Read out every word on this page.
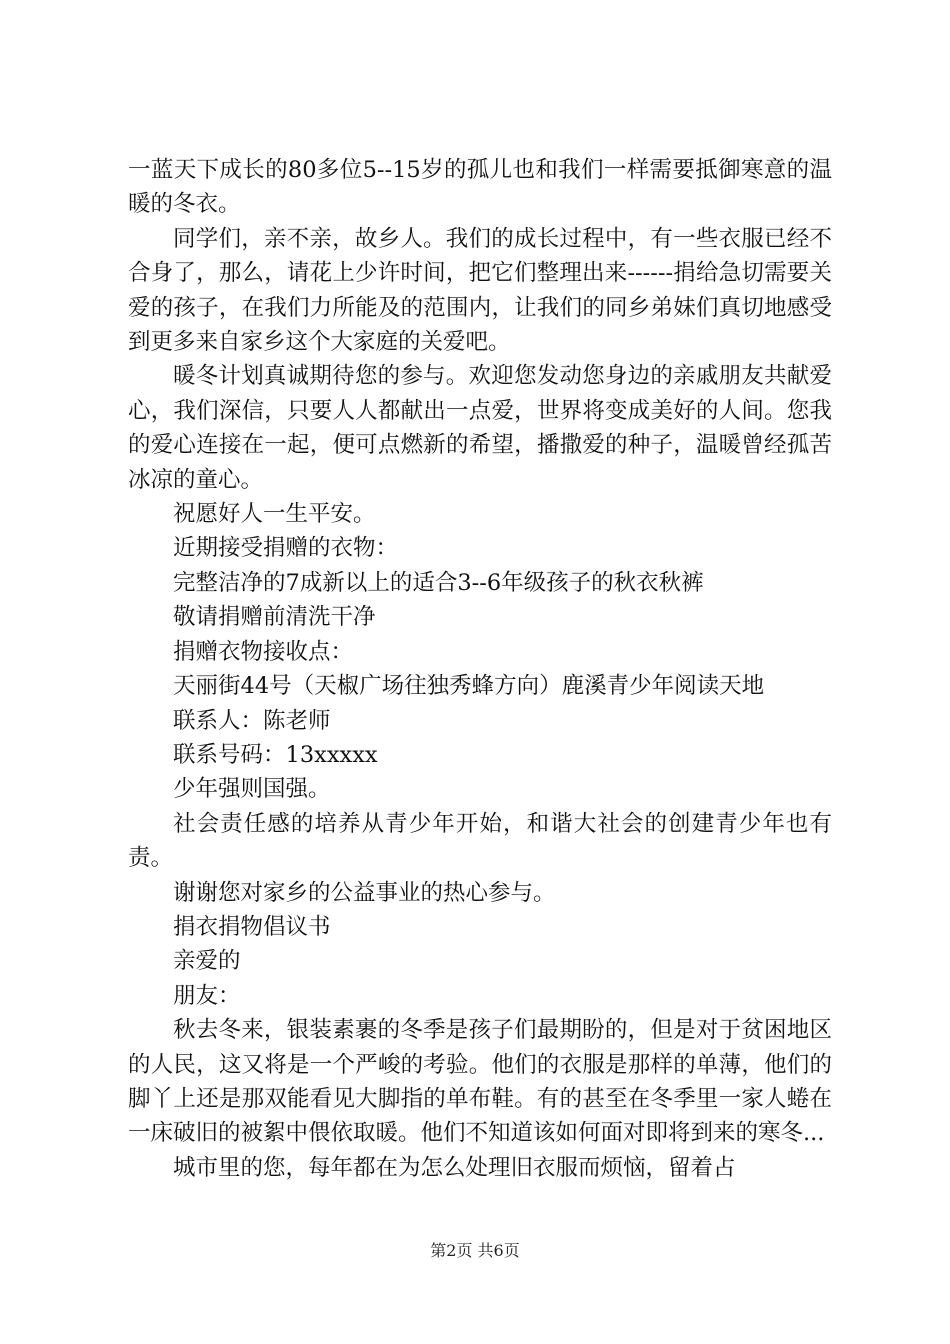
一蓝天下成长的80多位5--15岁的孤儿也和我们一样需要抵御寒意的温暖的冬衣。

同学们，亲不亲，故乡人。我们的成长过程中，有一些衣服已经不合身了，那么，请花上少许时间，把它们整理出来------捐给急切需要关爱的孩子，在我们力所能及的范围内，让我们的同乡弟妹们真切地感受到更多来自家乡这个大家庭的关爱吧。

暖冬计划真诚期待您的参与。欢迎您发动您身边的亲戚朋友共献爱心，我们深信，只要人人都献出一点爱，世界将变成美好的人间。您我的爱心连接在一起，便可点燃新的希望，播撒爱的种子，温暖曾经孤苦冰凉的童心。

祝愿好人一生平安。

近期接受捐赠的衣物：

完整洁净的7成新以上的适合3--6年级孩子的秋衣秋裤

敬请捐赠前清洗干净

捐赠衣物接收点：

天丽街44号（天椒广场往独秀蜂方向）鹿溪青少年阅读天地

联系人：陈老师

联系号码：13xxxxx

少年强则国强。

社会责任感的培养从青少年开始，和谐大社会的创建青少年也有责。

谢谢您对家乡的公益事业的热心参与。

捐衣捐物倡议书

亲爱的

朋友：

秋去冬来，银装素裹的冬季是孩子们最期盼的，但是对于贫困地区的人民，这又将是一个严峻的考验。他们的衣服是那样的单薄，他们的脚丫上还是那双能看见大脚指的单布鞋。有的甚至在冬季里一家人蜷在一床破旧的被絮中偎依取暖。他们不知道该如何面对即将到来的寒冬...

城市里的您，每年都在为怎么处理旧衣服而烦恼，留着占

第2页 共6页
